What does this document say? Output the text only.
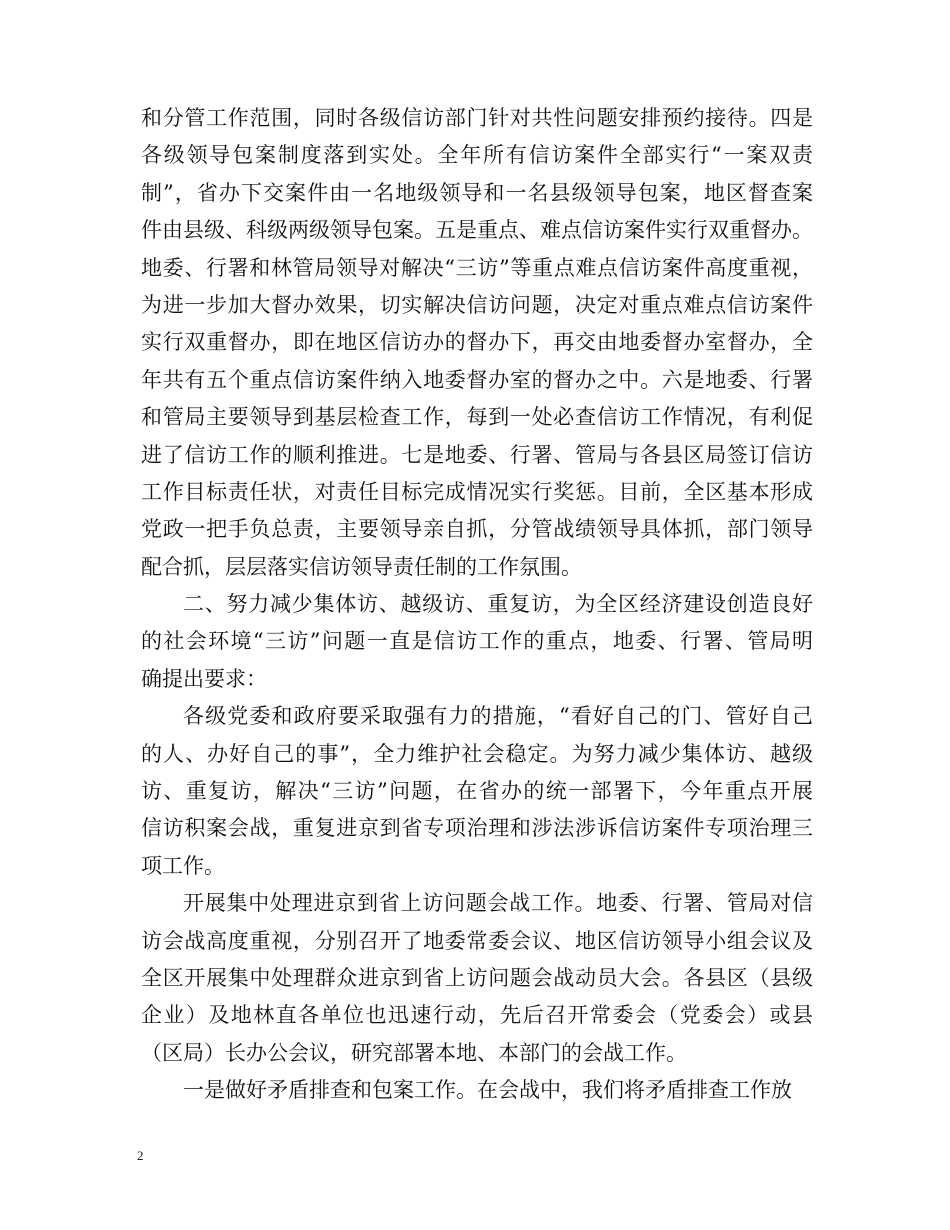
和分管工作范围，同时各级信访部门针对共性问题安排预约接待。四是
各级领导包案制度落到实处。全年所有信访案件全部实行“一案双责
制”，省办下交案件由一名地级领导和一名县级领导包案，地区督查案
件由县级、科级两级领导包案。五是重点、难点信访案件实行双重督办。
地委、行署和林管局领导对解决“三访”等重点难点信访案件高度重视，
为进一步加大督办效果，切实解决信访问题，决定对重点难点信访案件
实行双重督办，即在地区信访办的督办下，再交由地委督办室督办，全
年共有五个重点信访案件纳入地委督办室的督办之中。六是地委、行署
和管局主要领导到基层检查工作，每到一处必查信访工作情况，有利促
进了信访工作的顺利推进。七是地委、行署、管局与各县区局签订信访
工作目标责任状，对责任目标完成情况实行奖惩。目前，全区基本形成
党政一把手负总责，主要领导亲自抓，分管战绩领导具体抓，部门领导
配合抓，层层落实信访领导责任制的工作氛围。
二、努力减少集体访、越级访、重复访，为全区经济建设创造良好
的社会环境“三访”问题一直是信访工作的重点，地委、行署、管局明
确提出要求：
各级党委和政府要采取强有力的措施，“看好自己的门、管好自己
的人、办好自己的事”，全力维护社会稳定。为努力减少集体访、越级
访、重复访，解决“三访”问题，在省办的统一部署下，今年重点开展
信访积案会战，重复进京到省专项治理和涉法涉诉信访案件专项治理三
项工作。
开展集中处理进京到省上访问题会战工作。地委、行署、管局对信
访会战高度重视，分别召开了地委常委会议、地区信访领导小组会议及
全区开展集中处理群众进京到省上访问题会战动员大会。各县区（县级
企业）及地林直各单位也迅速行动，先后召开常委会（党委会）或县
（区局）长办公会议，研究部署本地、本部门的会战工作。
一是做好矛盾排查和包案工作。在会战中，我们将矛盾排查工作放
2
